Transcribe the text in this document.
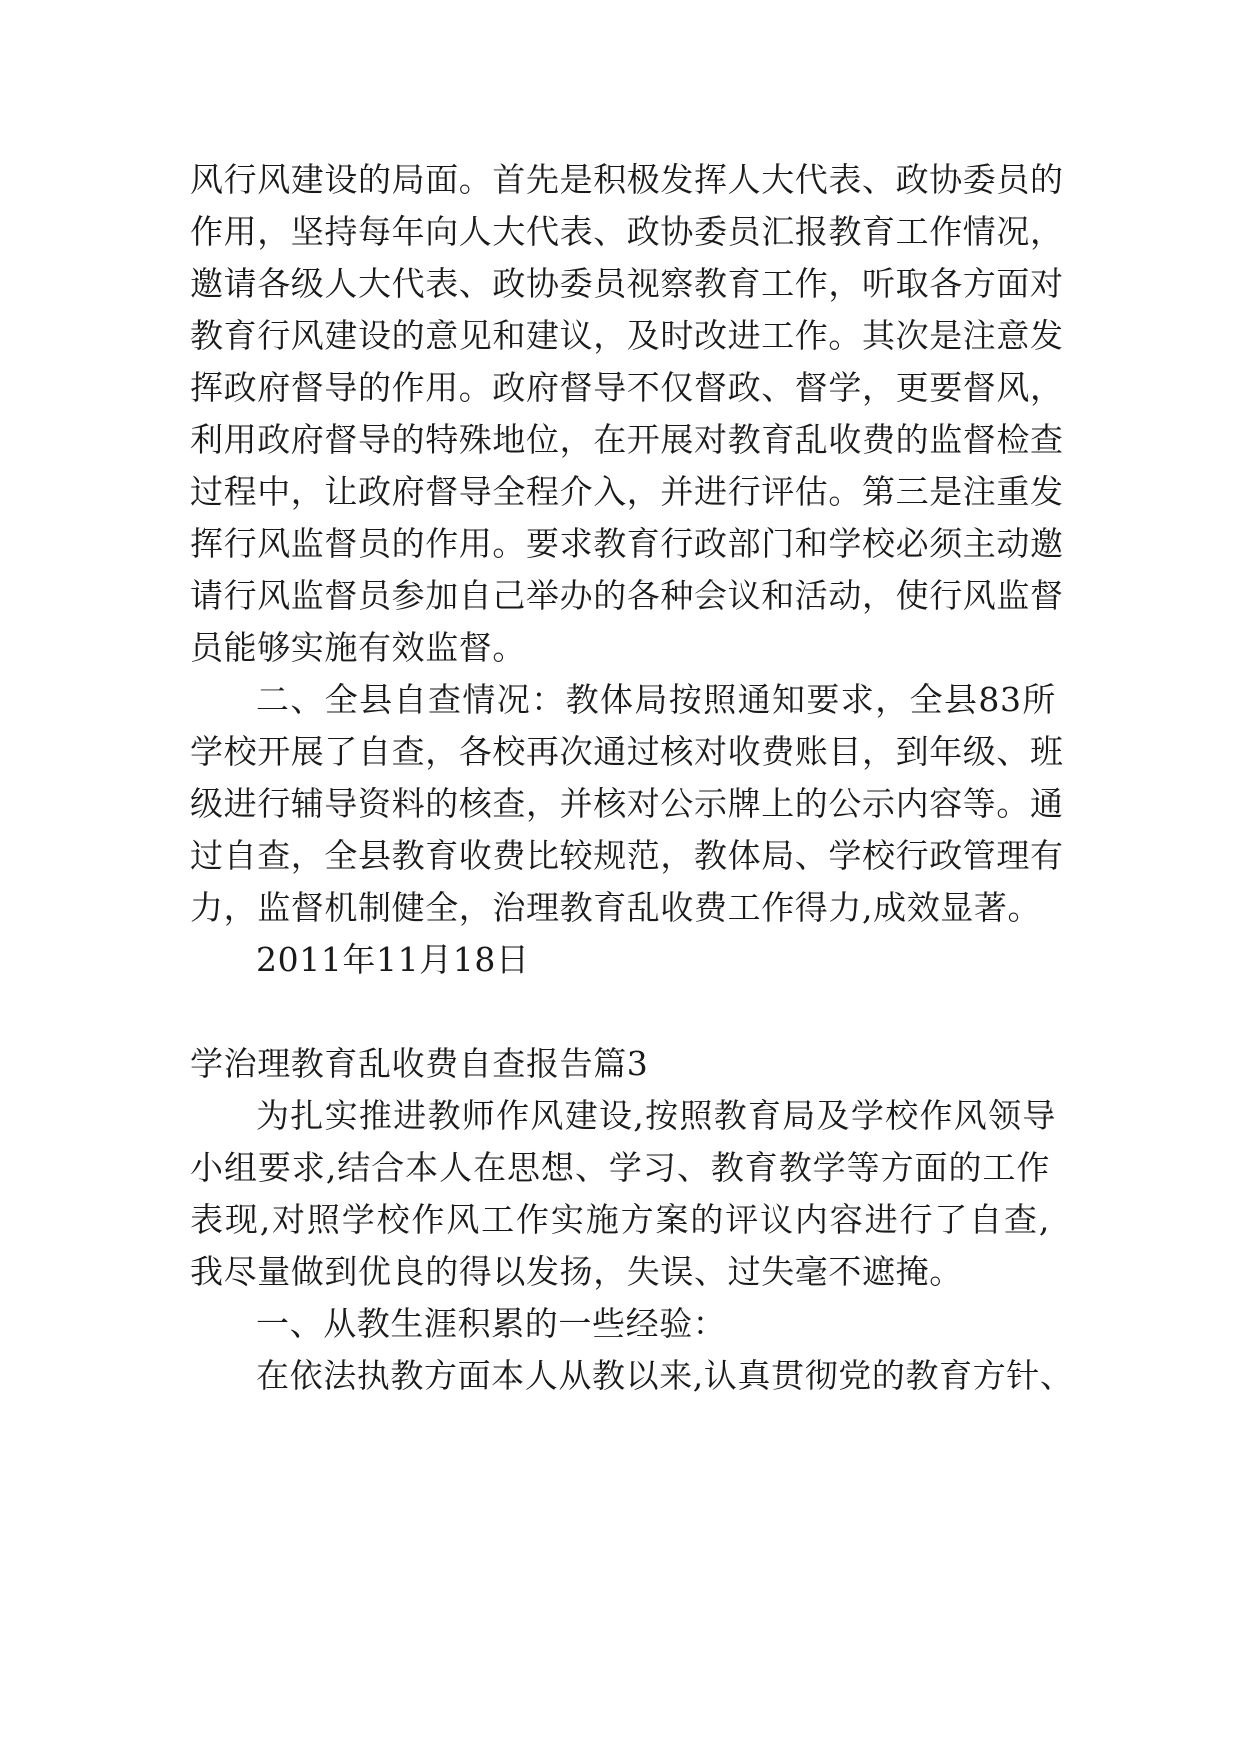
风行风建设的局面。首先是积极发挥人大代表、政协委员的

作用，坚持每年向人大代表、政协委员汇报教育工作情况，

邀请各级人大代表、政协委员视察教育工作，听取各方面对

教育行风建设的意见和建议，及时改进工作。其次是注意发

挥政府督导的作用。政府督导不仅督政、督学，更要督风，

利用政府督导的特殊地位，在开展对教育乱收费的监督检查

过程中，让政府督导全程介入，并进行评估。第三是注重发

挥行风监督员的作用。要求教育行政部门和学校必须主动邀

请行风监督员参加自己举办的各种会议和活动，使行风监督

员能够实施有效监督。

二、全县自查情况：教体局按照通知要求，全县83所

学校开展了自查，各校再次通过核对收费账目，到年级、班

级进行辅导资料的核查，并核对公示牌上的公示内容等。通

过自查，全县教育收费比较规范，教体局、学校行政管理有

力，监督机制健全，治理教育乱收费工作得力,成效显著。

2011年11月18日

学治理教育乱收费自查报告篇3

为扎实推进教师作风建设,按照教育局及学校作风领导

小组要求,结合本人在思想、学习、教育教学等方面的工作

表现,对照学校作风工作实施方案的评议内容进行了自查,

我尽量做到优良的得以发扬，失误、过失毫不遮掩。

一、从教生涯积累的一些经验：

在依法执教方面本人从教以来,认真贯彻党的教育方针、
